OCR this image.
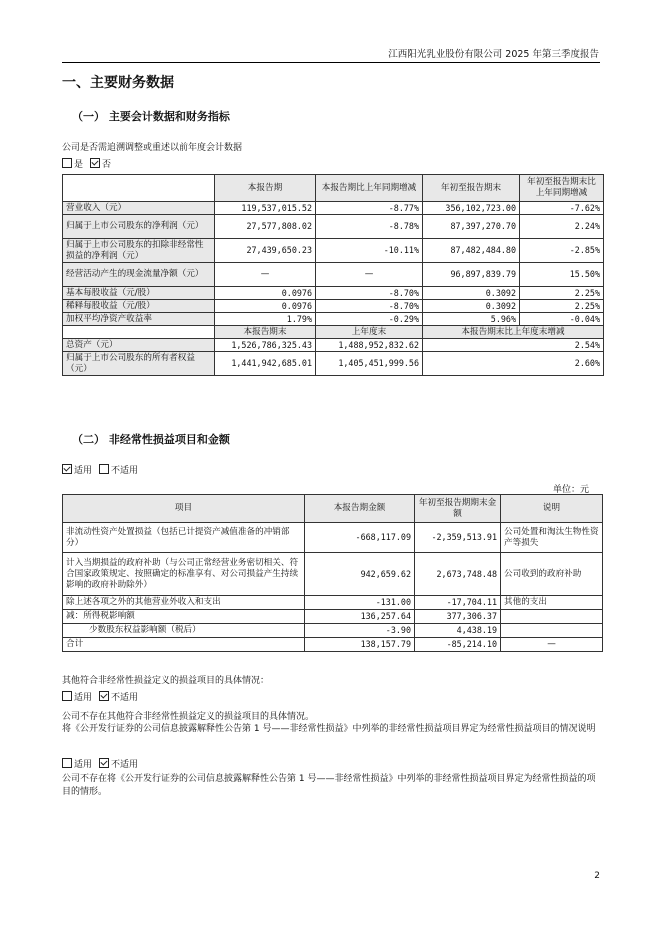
江西阳光乳业股份有限公司 2025 年第三季度报告
一、主要财务数据
（一） 主要会计数据和财务指标
公司是否需追溯调整或重述以前年度会计数据
是 否
	本报告期	本报告期比上年同期增减	年初至报告期末	年初至报告期末比上年同期增减
营业收入（元）	119,537,015.52	-8.77%	356,102,723.00	-7.62%
归属于上市公司股东的净利润（元）	27,577,808.02	-8.78%	87,397,270.70	2.24%
归属于上市公司股东的扣除非经常性损益的净利润（元）	27,439,650.23	-10.11%	87,482,484.80	-2.85%
经营活动产生的现金流量净额（元）	—	—	96,897,839.79	15.50%
基本每股收益（元/股）	0.0976	-8.70%	0.3092	2.25%
稀释每股收益（元/股）	0.0976	-8.70%	0.3092	2.25%
加权平均净资产收益率	1.79%	-0.29%	5.96%	-0.04%
	本报告期末	上年度末	本报告期末比上年度末增减	
总资产（元）	1,526,786,325.43	1,488,952,832.62	2.54%	
归属于上市公司股东的所有者权益（元）	1,441,942,685.01	1,405,451,999.56	2.60%	
（二） 非经常性损益项目和金额
适用 不适用
单位：元
项目	本报告期金额	年初至报告期期末金额	说明
非流动性资产处置损益（包括已计提资产减值准备的冲销部分）	-668,117.09	-2,359,513.91	公司处置和淘汰生物性资产等损失
计入当期损益的政府补助（与公司正常经营业务密切相关、符合国家政策规定、按照确定的标准享有、对公司损益产生持续影响的政府补助除外）	942,659.62	2,673,748.48	公司收到的政府补助
除上述各项之外的其他营业外收入和支出	-131.00	-17,704.11	其他的支出
减：所得税影响额	136,257.64	377,306.37	
少数股东权益影响额（税后）	-3.90	4,438.19	
合计	138,157.79	-85,214.10	—
其他符合非经常性损益定义的损益项目的具体情况：
适用 不适用
公司不存在其他符合非经常性损益定义的损益项目的具体情况。
将《公开发行证券的公司信息披露解释性公告第 1 号——非经常性损益》中列举的非经常性损益项目界定为经常性损益项目的情况说明
适用 不适用
公司不存在将《公开发行证券的公司信息披露解释性公告第 1 号——非经常性损益》中列举的非经常性损益项目界定为经常性损益的项目的情形。
2
